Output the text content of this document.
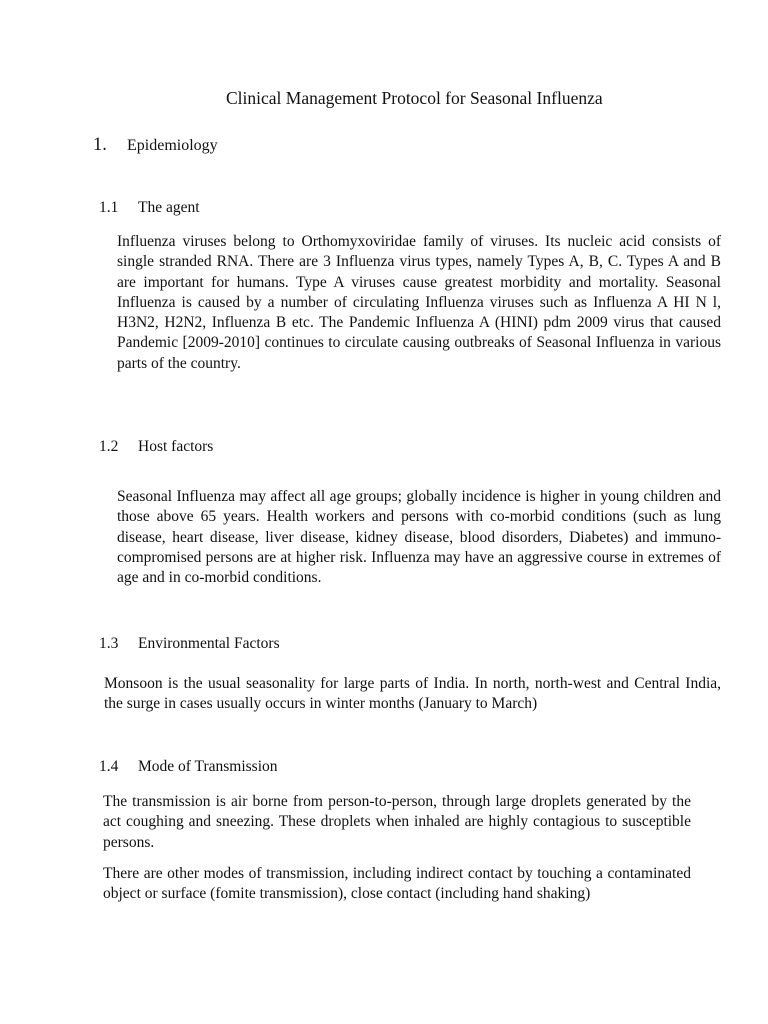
Clinical Management Protocol for Seasonal Influenza
1. Epidemiology
1.1 The agent
Influenza viruses belong to Orthomyxoviridae family of viruses. Its nucleic acid consists of single stranded RNA. There are 3 Influenza virus types, namely Types A, B, C. Types A and B are important for humans. Type A viruses cause greatest morbidity and mortality. Seasonal Influenza is caused by a number of circulating Influenza viruses such as Influenza A HI N l, H3N2, H2N2, Influenza B etc. The Pandemic Influenza A (HINI) pdm 2009 virus that caused Pandemic [2009-2010] continues to circulate causing outbreaks of Seasonal Influenza in various parts of the country.
1.2 Host factors
Seasonal Influenza may affect all age groups; globally incidence is higher in young children and those above 65 years. Health workers and persons with co-morbid conditions (such as lung disease, heart disease, liver disease, kidney disease, blood disorders, Diabetes) and immuno-compromised persons are at higher risk. Influenza may have an aggressive course in extremes of age and in co-morbid conditions.
1.3 Environmental Factors
Monsoon is the usual seasonality for large parts of India. In north, north-west and Central India, the surge in cases usually occurs in winter months (January to March)
1.4 Mode of Transmission
The transmission is air borne from person-to-person, through large droplets generated by the act coughing and sneezing. These droplets when inhaled are highly contagious to susceptible persons.
There are other modes of transmission, including indirect contact by touching a contaminated object or surface (fomite transmission), close contact (including hand shaking)
